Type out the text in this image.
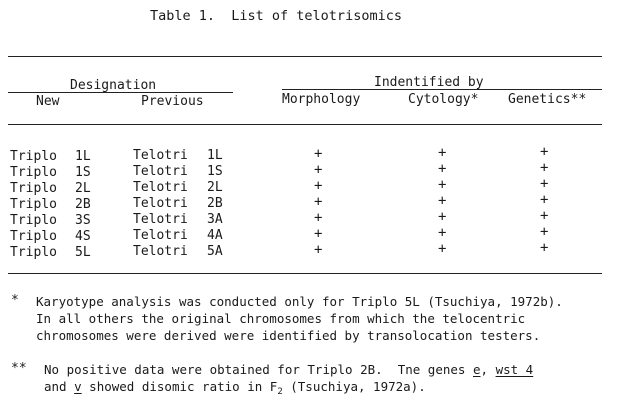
Table 1.  List of telotrisomics
Designation	Indentified by
New	Previous	Morphology	Cytology* Genetics**
Triplo 1L	Telotri 1L	+	+	+
Triplo 1S	Telotri 1S	+	+	+
Triplo 2L	Telotri 2L	+	+	+
Triplo 2B	Telotri 2B	+	+	+
Triplo 3S	Telotri 3A	+	+	+
Triplo 4S	Telotri 4A	+	+	+
Triplo 5L	Telotri 5A	+	+	+
* Karyotype analysis was conducted only for Triplo 5L (Tsuchiya, 1972b).
In all others the original chromosomes from which the telocentric
chromosomes were derived were identified by transolocation testers.
** No positive data were obtained for Triplo 2B.  Tne genes e, wst 4
and v showed disomic ratio in $F_2$ (Tsuchiya, 1972a).
